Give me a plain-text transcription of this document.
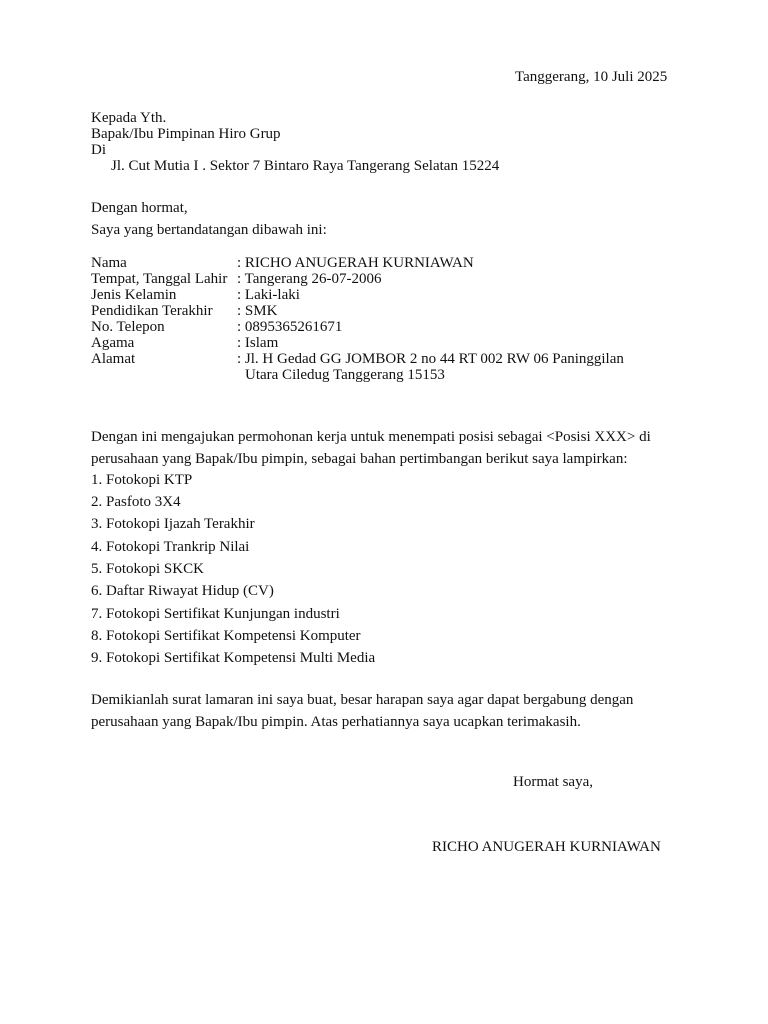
Tanggerang, 10 Juli 2025
Kepada Yth.
Bapak/Ibu Pimpinan Hiro Grup
Di
Jl. Cut Mutia I . Sektor 7 Bintaro Raya Tangerang Selatan 15224
Dengan hormat,
Saya yang bertandatangan dibawah ini:
Nama	: RICHO ANUGERAH KURNIAWAN
Tempat, Tanggal Lahir : Tangerang 26-07-2006
Jenis Kelamin	: Laki-laki
Pendidikan Terakhir : SMK
No. Telepon	: 0895365261671
Agama	: Islam
Alamat	: Jl. H Gedad GG JOMBOR 2 no 44 RT 002 RW 06 Paninggilan
Utara Ciledug Tanggerang 15153
Dengan ini mengajukan permohonan kerja untuk menempati posisi sebagai <Posisi XXX> di
perusahaan yang Bapak/Ibu pimpin, sebagai bahan pertimbangan berikut saya lampirkan:
1. Fotokopi KTP
2. Pasfoto 3X4
3. Fotokopi Ijazah Terakhir
4. Fotokopi Trankrip Nilai
5. Fotokopi SKCK
6. Daftar Riwayat Hidup (CV)
7. Fotokopi Sertifikat Kunjungan industri
8. Fotokopi Sertifikat Kompetensi Komputer
9. Fotokopi Sertifikat Kompetensi Multi Media
Demikianlah surat lamaran ini saya buat, besar harapan saya agar dapat bergabung dengan
perusahaan yang Bapak/Ibu pimpin. Atas perhatiannya saya ucapkan terimakasih.
Hormat saya,
RICHO ANUGERAH KURNIAWAN
